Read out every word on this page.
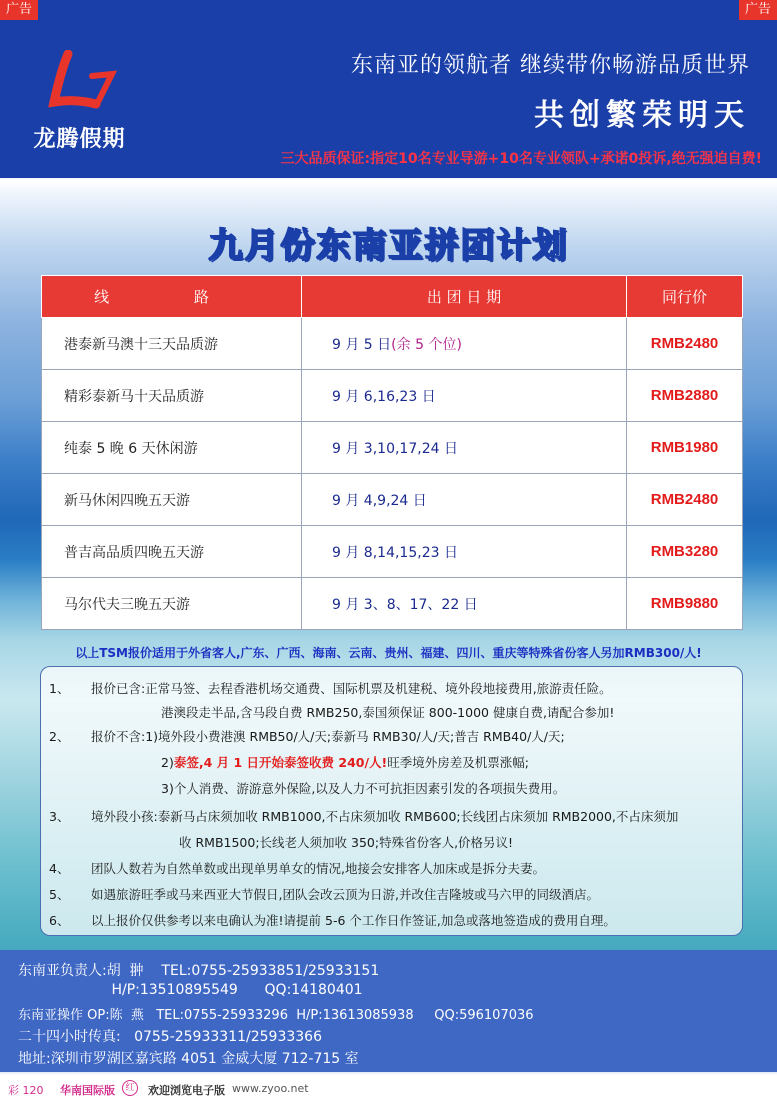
广告	广告
龙腾假期
东南亚的领航者 继续带你畅游品质世界
共创繁荣明天
三大品质保证:指定10名专业导游+10名专业领队+承诺0投诉,绝无强迫自费!
九月份东南亚拼团计划
线 路	出 团 日 期	同行价
港泰新马澳十三天品质游	9 月 5 日(余 5 个位)	RMB2480
精彩泰新马十天品质游	9 月 6,16,23 日	RMB2880
纯泰 5 晚 6 天休闲游	9 月 3,10,17,24 日	RMB1980
新马休闲四晚五天游	9 月 4,9,24 日	RMB2480
普吉高品质四晚五天游	9 月 8,14,15,23 日	RMB3280
马尔代夫三晚五天游	9 月 3、8、17、22 日	RMB9880
以上TSM报价适用于外省客人,广东、广西、海南、云南、贵州、福建、四川、重庆等特殊省份客人另加RMB300/人!
1、 报价已含:正常马签、去程香港机场交通费、国际机票及机建税、境外段地接费用,旅游责任险。
港澳段走半品,含马段自费 RMB250,泰国须保证 800-1000 健康自费,请配合参加!
2、 报价不含:1)境外段小费港澳 RMB50/人/天;泰新马 RMB30/人/天;普吉 RMB40/人/天;
2)泰签,4 月 1 日开始泰签收费 240/人!旺季境外房差及机票涨幅;
3)个人消费、游游意外保险,以及人力不可抗拒因素引发的各项损失费用。
3、 境外段小孩:泰新马占床须加收 RMB1000,不占床须加收 RMB600;长线团占床须加 RMB2000,不占床须加
收 RMB1500;长线老人须加收 350;特殊省份客人,价格另议!
4、 团队人数若为自然单数或出现单男单女的情况,地接会安排客人加床或是拆分夫妻。
5、 如遇旅游旺季或马来西亚大节假日,团队会改云顶为日游,并改住吉隆坡或马六甲的同级酒店。
6、 以上报价仅供参考以来电确认为准!请提前 5-6 个工作日作签证,加急或落地签造成的费用自理。
东南亚负责人:胡  翀    TEL:0755-25933851/25933151
H/P:13510895549      QQ:14180401
东南亚操作 OP:陈  燕   TEL:0755-25933296  H/P:13613085938     QQ:596107036
二十四小时传真:   0755-25933311/25933366
地址:深圳市罗湖区嘉宾路 4051 金威大厦 712-715 室
彩 120 华南国际版	红	欢迎浏览电子版 www.zyoo.net
